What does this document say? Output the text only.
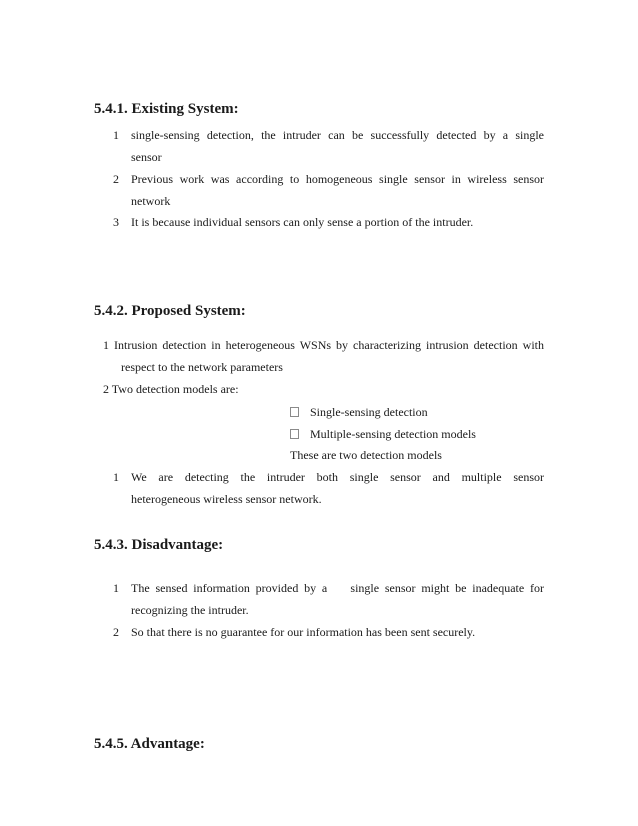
5.4.1. Existing System:
1 single-sensing detection, the intruder can be successfully detected by a single
sensor
2 Previous work was according to homogeneous single sensor in wireless sensor
network
3 It is because individual sensors can only sense a portion of the intruder.
5.4.2. Proposed System:
1 Intrusion detection in heterogeneous WSNs by characterizing intrusion detection with
respect to the network parameters
2 Two detection models are:
Single-sensing detection
Multiple-sensing detection models
These are two detection models
1 We are detecting the intruder both single sensor and multiple sensor
heterogeneous wireless sensor network.
5.4.3. Disadvantage:
1 The sensed information provided by a    single sensor might be inadequate for
recognizing the intruder.
2 So that there is no guarantee for our information has been sent securely.
5.4.5. Advantage:
